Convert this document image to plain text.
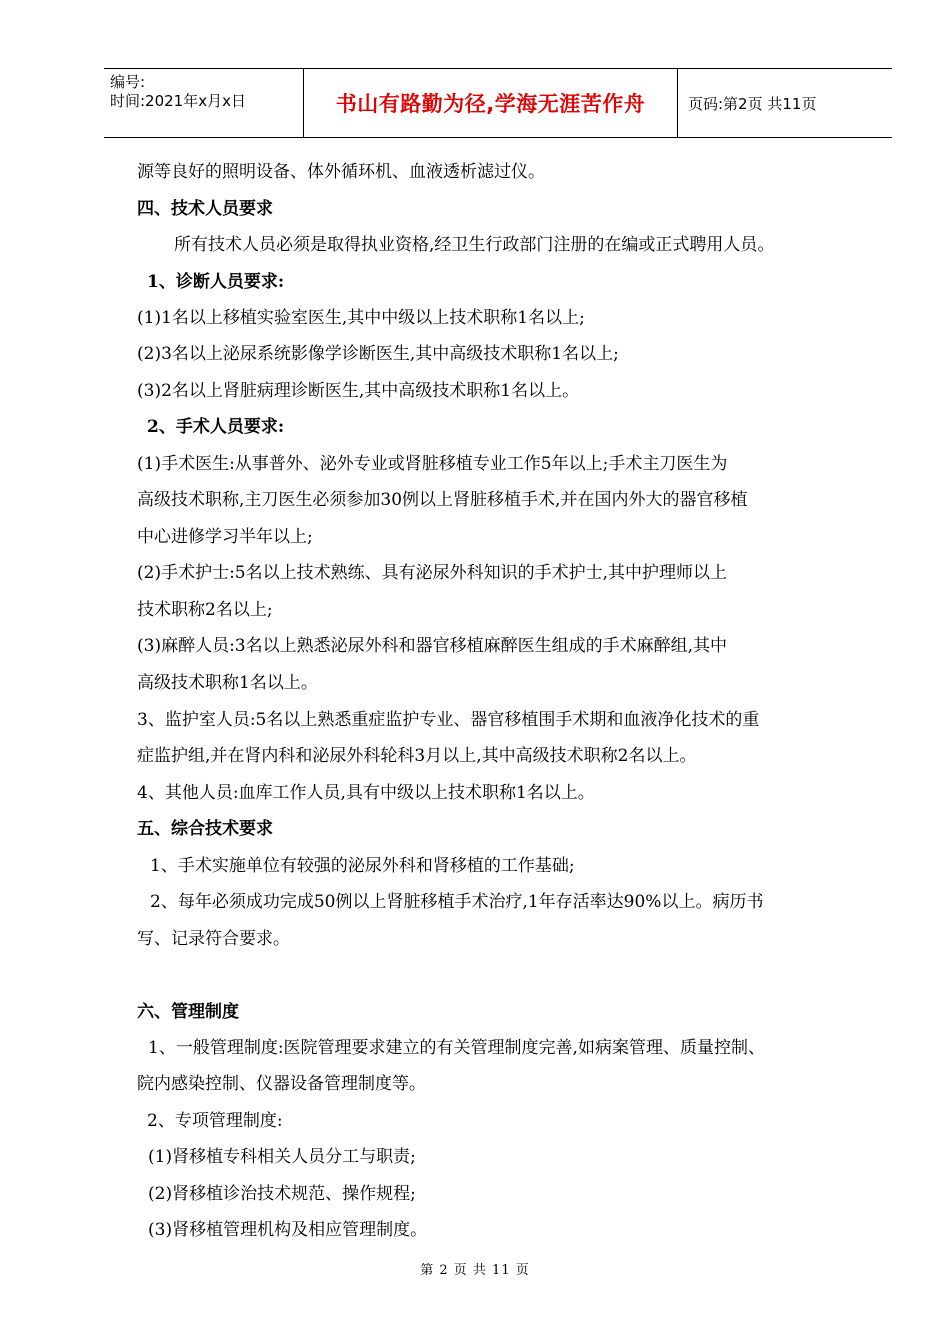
编号:
时间:2021年x月x日	书山有路勤为径,学海无涯苦作舟	页码:第2页 共11页
源等良好的照明设备、体外循环机、血液透析滤过仪。
四、技术人员要求
所有技术人员必须是取得执业资格,经卫生行政部门注册的在编或正式聘用人员。
1、诊断人员要求:
(1)1名以上移植实验室医生,其中中级以上技术职称1名以上;
(2)3名以上泌尿系统影像学诊断医生,其中高级技术职称1名以上;
(3)2名以上肾脏病理诊断医生,其中高级技术职称1名以上。
2、手术人员要求:
(1)手术医生:从事普外、泌外专业或肾脏移植专业工作5年以上;手术主刀医生为
高级技术职称,主刀医生必须参加30例以上肾脏移植手术,并在国内外大的器官移植
中心进修学习半年以上;
(2)手术护士:5名以上技术熟练、具有泌尿外科知识的手术护士,其中护理师以上
技术职称2名以上;
(3)麻醉人员:3名以上熟悉泌尿外科和器官移植麻醉医生组成的手术麻醉组,其中
高级技术职称1名以上。
3、监护室人员:5名以上熟悉重症监护专业、器官移植围手术期和血液净化技术的重
症监护组,并在肾内科和泌尿外科轮科3月以上,其中高级技术职称2名以上。
4、其他人员:血库工作人员,具有中级以上技术职称1名以上。
五、综合技术要求
1、手术实施单位有较强的泌尿外科和肾移植的工作基础;
2、每年必须成功完成50例以上肾脏移植手术治疗,1年存活率达90%以上。病历书
写、记录符合要求。
六、管理制度
1、一般管理制度:医院管理要求建立的有关管理制度完善,如病案管理、质量控制、
院内感染控制、仪器设备管理制度等。
2、专项管理制度:
(1)肾移植专科相关人员分工与职责;
(2)肾移植诊治技术规范、操作规程;
(3)肾移植管理机构及相应管理制度。
第 2 页 共 11 页
